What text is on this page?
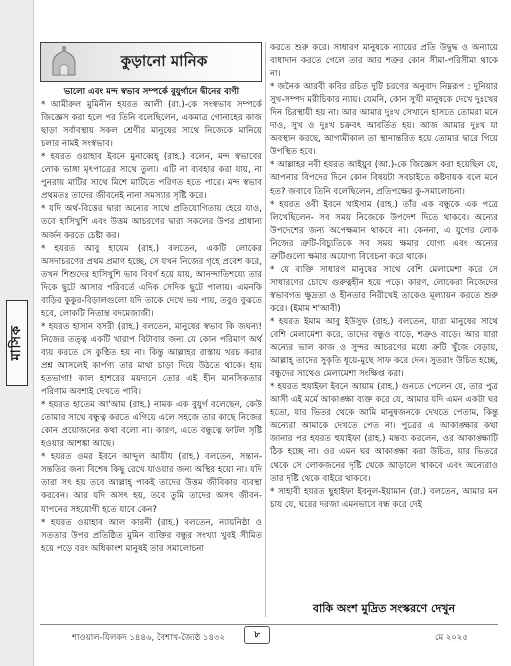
মাসিক
কুড়ানো মানিক

ভালো এবং মন্দ স্বভাব সম্পর্কে বুযুর্গানে দ্বীনের বাণী

* আমীরুল মুমিনীন হযরত আলী (রা.)-কে সংস্বভাব সম্পর্কে জিজ্ঞেস করা হলে পর তিনি বলেছিলেন, একমাত্র গোনাহের কাজ ছাড়া সর্বাবস্থায় সকল শ্রেণীর মানুষের সাথে নিজেকে মানিয়ে চলার নামই সংস্বভাব।

* হযরত ওয়াহাব ইবনে মুনাব্বেহ্ (রাহ.) বলেন, মন্দ স্বভাবের লোক ভাঙ্গা মৃৎপাত্রের সাথে তুল্য। এটি না ব্যবহার করা যায়, না পুনরায় মাটির সাথে মিশে মাটিতে পরিণত হতে পারে। মন্দ স্বভাব প্রথমতঃ তাদের জীবনেই নানা সমস্যার সৃষ্টি করে।

* যদি অর্থ-বিত্তের দ্বারা অন্যের সাথে প্রতিযোগিতায় হেরে যাও, তবে হাসিখুশি এবং উত্তম আচরণের দ্বারা সকলের উপর প্রাধান্য অর্জন করতে চেষ্টা কর।

* হযরত আবু হাযেম (রাহ.) বলতেন, একটি লোকের অসদাচরণের প্রথম প্রমাণ হচ্ছে, সে যখন নিজের গৃহে প্রবেশ করে, তখন শিশুদের হাসিখুশি ভাব বিবর্ণ হয়ে যায়, আনন্দাতিশয্যে তার দিকে ছুটে আসার পরিবর্তে এদিক সেদিক ছুটে পালায়। এমনকি বাড়ির কুকুর-বিড়ালগুলো যদি তাকে দেখে ভয় পায়, তবুও বুঝতে হবে, লোকটি নিতান্ত বদমেজাজী।

* হযরত হাসান বসরী (রাহ.) বলতেন, মানুষের স্বভাব কি জঘন্য! নিজের তত্ত্ব একটি খারাপ বিটাবার জন্য যে কোন পরিমাণ অর্থ ব্যয় করতে সে কুণ্ঠিত হয় না। কিন্তু আল্লাহর রাস্তায় খরচ করার প্রশ্ন আসলেই কার্পণ্য তার মাথা চাড়া দিয়ে উঠতে থাকে। হায় হতভাগা! কাল হাশরের ময়দানে তোর এই হীন মানসিকতার পরিণাম অবশ্যই দেখতে পাবি।

* হযরত হাতেম আ'আম (রাহ.) নামক এক বুযুর্গ বলেছেন, কেউ তোমার সাথে বন্ধুত্ব করতে এগিয়ে এলে সহজে তার কাছে নিজের কোন প্রয়োজনের কথা বলো না। কারণ, এতে বন্ধুত্বে ফাটল সৃষ্টি হওয়ার আশঙ্কা আছে।

* হযরত ওমর ইবনে আব্দুল আযীয (রাহ.) বলতেন, সন্তান-সন্ততির জন্য বিশেষ কিছু রেখে যাওয়ার জন্য অস্থির হয়ো না। যদি তারা সৎ হয় তবে আল্লাহ্ পাকই তাদের উত্তম জীবিকার ব্যবস্থা করবেন। আর যদি অসৎ হয়, তবে তুমি তাদের অসৎ জীবন-যাপনের সহযোগী হতে যাবে কেন?

* হযরত ওয়াহাব আল কারনী (রাহ.) বলতেন, ন্যায়নিষ্ঠা ও সততার উপর প্রতিষ্ঠিত মুমিন ব্যক্তির বন্ধুর সংখ্যা খুবই সীমিত হয়ে পড়ে বরং অধিকাংশ মানুষই তার সমালোচনা

করতে শুরু করে। সাধারণ মানুষকে ন্যায়ের প্রতি উদ্বুদ্ধ ও অন্যায়ে বাধাদান করতে গেলে তার আর শত্রুর কোন সীমা-পরিসীমা থাকে না।

* জনৈক আরবী কবির রচিত দুটি চরণের অনুবাদ নিম্নরূপ : দুনিয়ার সুখ-সম্পদ মরীচিকার ন্যায়। যেমনি, কোন সুখী মানুষকে দেখে দুঃখের দিন চিরস্থায়ী হয় না। আর আমার দুঃখ সেখানে হাসতে তোমরা মনে দাও, সুখ ও দুঃখ চক্রবৎ আবর্তিত হয়। আজ আমার দুঃখ যা অবস্থান করছে, আগামীকাল তা স্থানান্তরিত হয়ে তোমার দ্বারে গিয়ে উপস্থিত হবে।

* আল্লাহর নবী হযরত আইয়ুব (আ.)-কে জিজ্ঞেস করা হয়েছিল যে, আপনার বিপদের দিনে কোন বিষয়টা সবচাইতে কষ্টদায়ক বলে মনে হত? জবাবে তিনি বলেছিলেন, প্রতিপক্ষের কু-সমালোচনা।

* হযরত ওবী ইবনে খাইসাম (রাহ.) তাঁর এক বন্ধুকে এক পত্রে লিখেছিলেন- সব সময় নিজেকে উপদেশ দিতে থাকবে। অন্যের উপদেশের জন্য অপেক্ষমান থাকবে না। কেননা, এ যুগের লোক নিজের ত্রুটি-বিচ্যুতিকে সব সময় ক্ষমার যোগ্য এবং অন্যের ত্রুটিগুলো ক্ষমার অযোগ্য বিবেচনা করে থাকে।

* যে ব্যক্তি সাধারণ মানুষের সাথে বেশি মেলামেশা করে সে সাধারণের চোখে গুরুত্বহীন হয়ে পড়ে। কারণ, লোকেরা নিজেদের স্বভাবগত ক্ষুদ্রতা ও হীনতার নিরীখেই তাকেও মূল্যায়ন করতে শুরু করে। (ইমাম শ'আবী)

* হযরত ইমাম আবু ইউসুফ (রাহ.) বলতেন, যারা মানুষের সাথে বেশি মেলামেশা করে, তাদের বন্ধুও বাড়ে, শত্রুও বাড়ে। আর যারা অন্যের ভাল কাজ ও সুন্দর আচরণের মধ্যে ক্রটি খুঁজে বেড়ায়, আল্লাহ্ তাদের সুকৃতি ধূয়ে-মুছে সাফ করে দেন। সুতরাং উচিত হচ্ছে, বন্ধুদের সাথেও মেলামেশা সংক্ষিপ্ত করা।

* হযরত হুযাইফা ইবনে আয়াম (রাহ.) গুনতে পেলেন যে, তার পুত্র আসী এই মর্মে আকাঙ্ক্ষা ব্যক্ত করে যে, আমার যদি এমন একটা ঘর হতো, যার ভিতর থেকে আমি মানুষজনকে দেখতে পেতাম, কিন্তু অন্যেরা আমাকে দেখতে পেত না। পুত্রের এ আকাঙ্ক্ষার কথা জানার পর হযরত হুযাইফা (রাহ.) মন্তব্য করলেন, ওর আকাঙ্ক্ষাটি ঠিক হচ্ছে না। ওর এমন ঘর আকাঙ্ক্ষা করা উচিত, যার ভিতরে থেকে সে লোকজনের দৃষ্টি থেকে আড়ালে থাকবে এবং অন্যেরাও তার দৃষ্টি থেকে বাইরে থাকবে।

* সাহাবী হযরত ছুহাইফা ইবনুল-ইয়ামান (রা.) বলতেন, আমার মন চায় যে, ঘরের দরজা এমনভাবে বন্ধ করে দেই

বাকি অংশ মুদ্রিত সংস্করণে দেখুন
শাওয়াল-যিলকদ ১৪৪৬, বৈশাখ-জ্যৈষ্ঠ ১৪৩২	৮	মে ২০২৫
